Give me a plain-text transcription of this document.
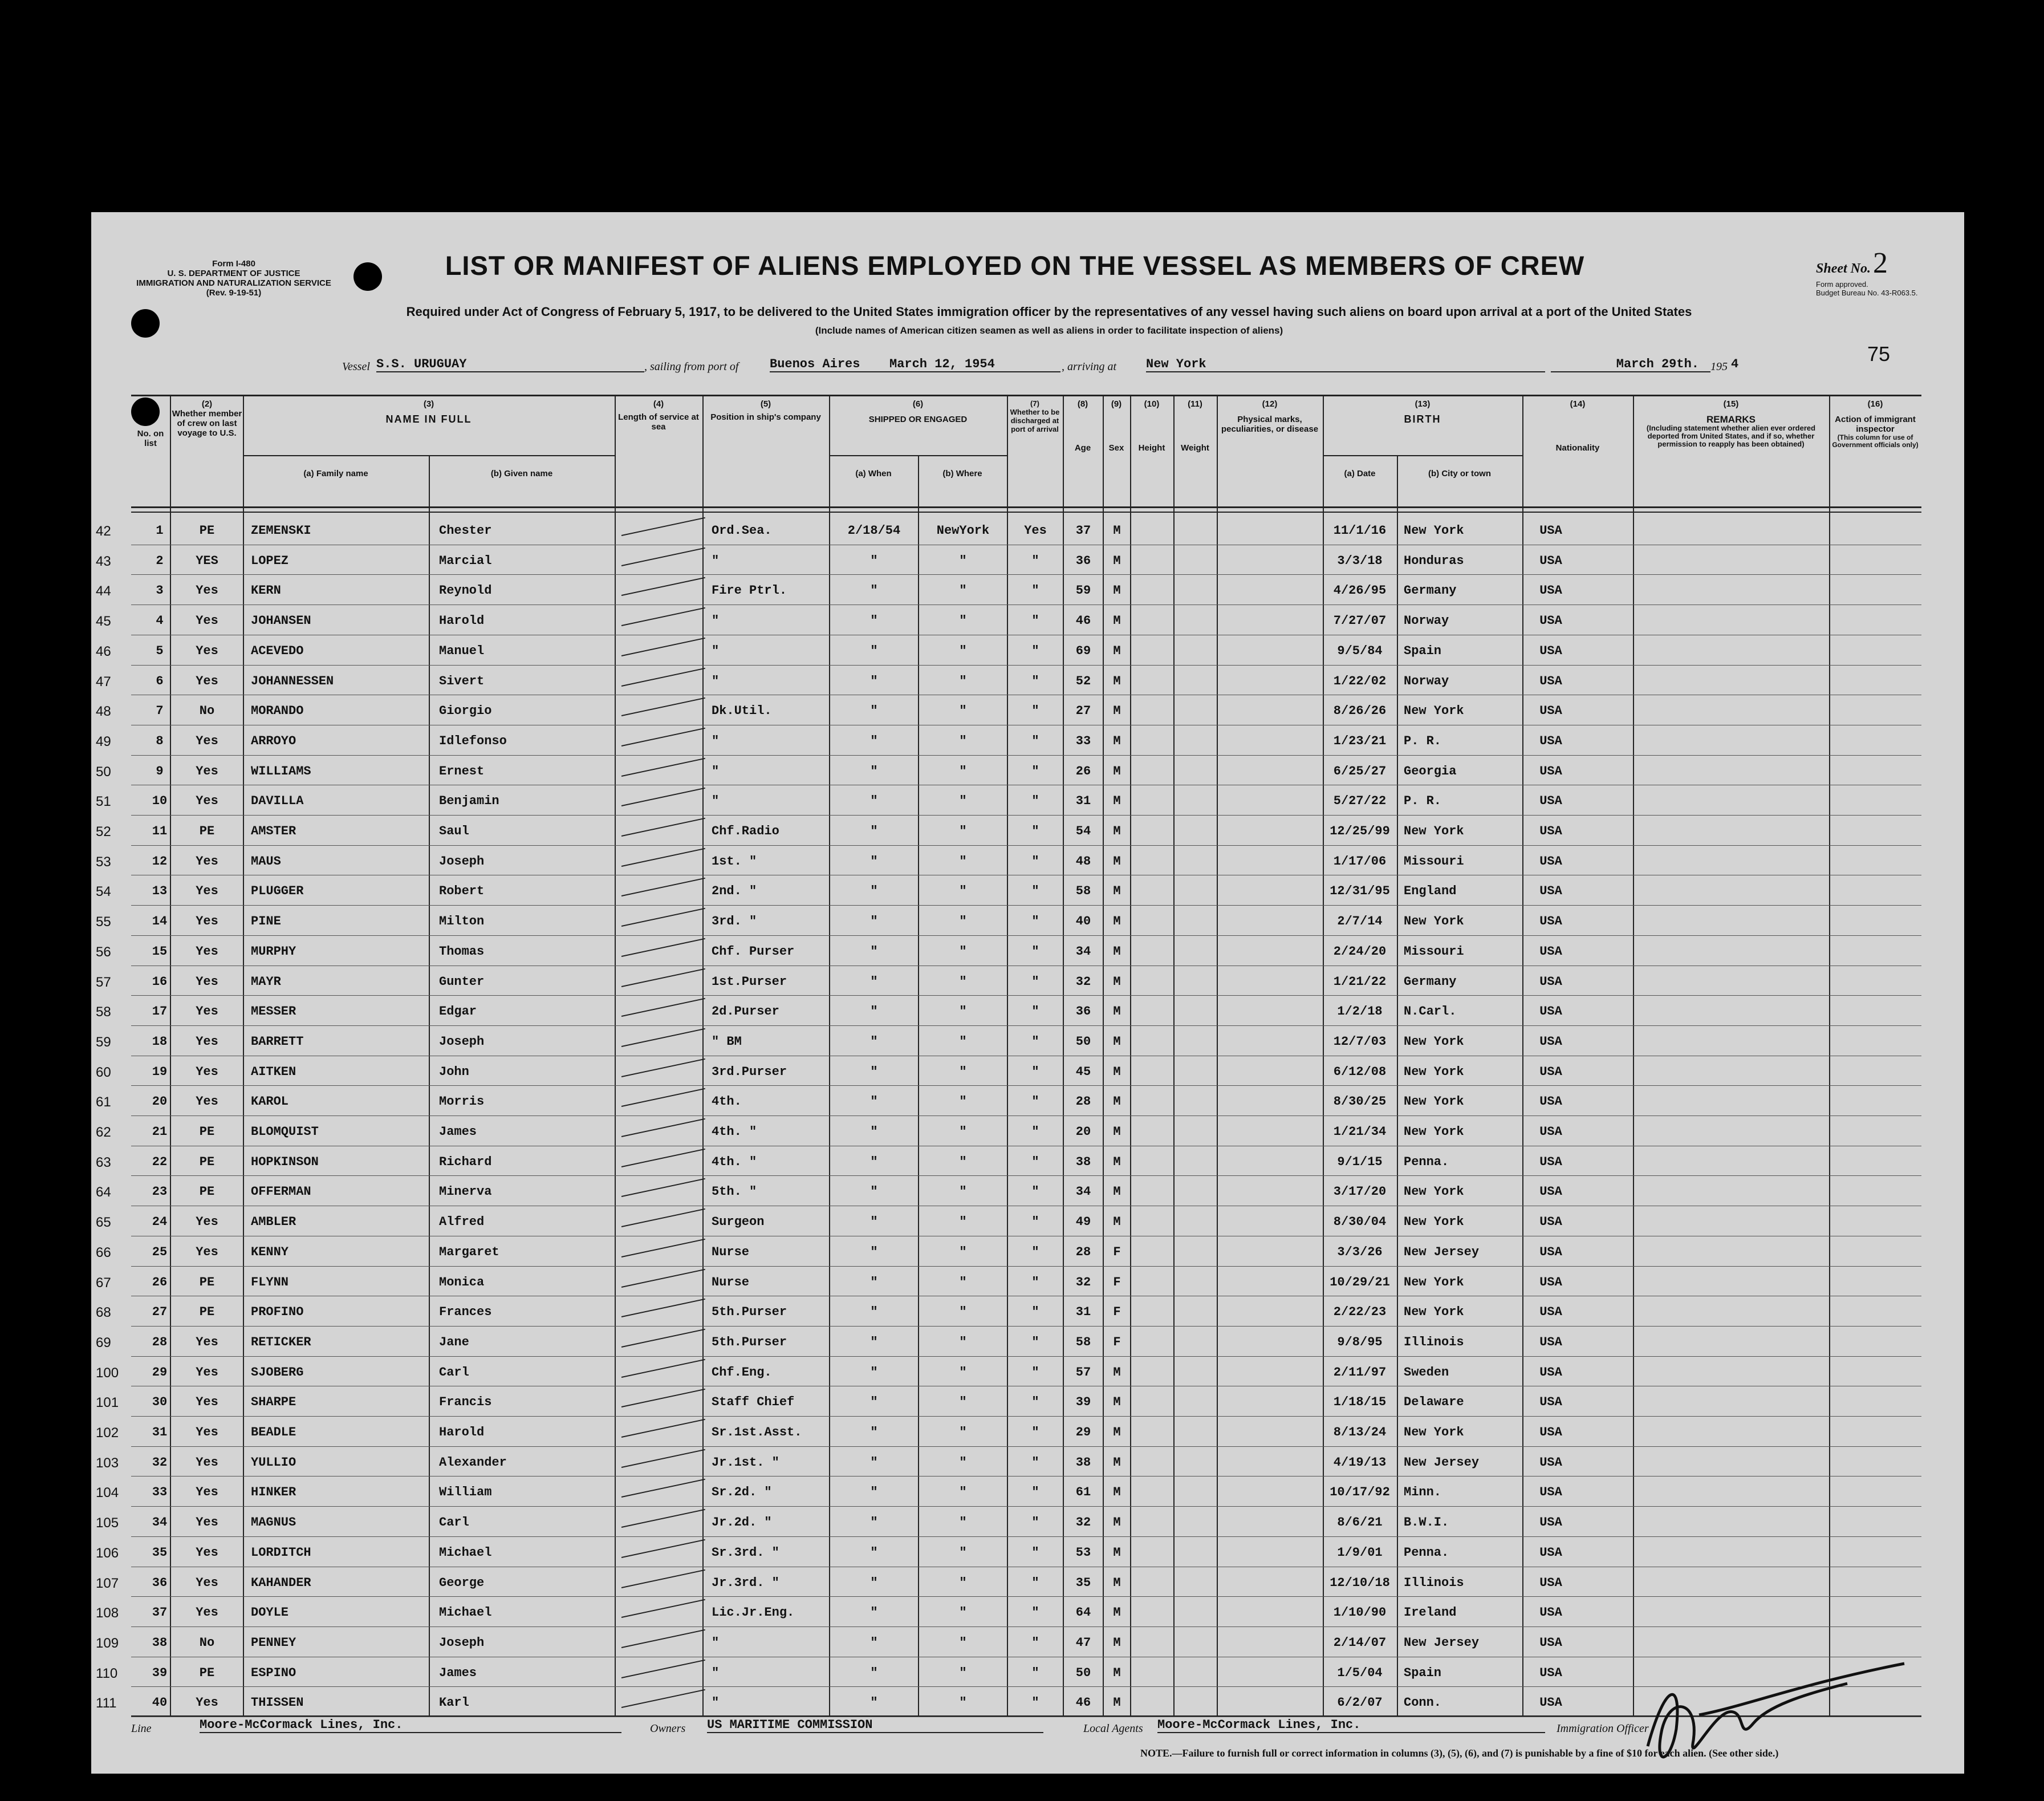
Form I-480
U. S. DEPARTMENT OF JUSTICE
IMMIGRATION AND NATURALIZATION SERVICE
(Rev. 9-19-51)
LIST OR MANIFEST OF ALIENS EMPLOYED ON THE VESSEL AS MEMBERS OF CREW	Sheet No. 2
Form approved.
Budget Bureau No. 43-R063.5.
Required under Act of Congress of February 5, 1917, to be delivered to the United States immigration officer by the representatives of any vessel having such aliens on board upon arrival at a port of the United States
(Include names of American citizen seamen as well as aliens in order to facilitate inspection of aliens)
Vessel S.S. URUGUAY	, sailing from port of Buenos Aires	March 12, 1954	, arriving at New York	March 29th.	195 4	75
No. on list
(2)
Whether member of crew on last voyage to U.S.
(3)
NAME IN FULL
(a) Family name	(b) Given name
(4)
Length of service at sea
(5)
Position in ship's company
(6)
SHIPPED OR ENGAGED
(a) When	(b) Where
(7)
Whether to be discharged at port of arrival
(8)
Age
(9)
Sex
(10)
Height
(11)
Weight
(12)
Physical marks, peculiarities, or disease
(13)
BIRTH
(a) Date	(b) City or town
(14)
Nationality
(15)
REMARKS
(Including statement whether alien ever ordered deported from United States, and if so, whether permission to reapply has been obtained)
(16)
Action of immigrant inspector
(This column for use of Government officials only)
42	1	PE	ZEMENSKI	Chester	Ord.Sea.	2/18/54	NewYork	Yes	37	M	11/1/16	New York	USA
43	2	YES	LOPEZ	Marcial	"	"	"	"	36	M	3/3/18	Honduras	USA
44	3	Yes	KERN	Reynold	Fire Ptrl.	"	"	"	59	M	4/26/95	Germany	USA
45	4	Yes	JOHANSEN	Harold	"	"	"	"	46	M	7/27/07	Norway	USA
46	5	Yes	ACEVEDO	Manuel	"	"	"	"	69	M	9/5/84	Spain	USA
47	6	Yes	JOHANNESSEN	Sivert	"	"	"	"	52	M	1/22/02	Norway	USA
48	7	No	MORANDO	Giorgio	Dk.Util.	"	"	"	27	M	8/26/26	New York	USA
49	8	Yes	ARROYO	Idlefonso	"	"	"	"	33	M	1/23/21	P. R.	USA
50	9	Yes	WILLIAMS	Ernest	"	"	"	"	26	M	6/25/27	Georgia	USA
51	10	Yes	DAVILLA	Benjamin	"	"	"	"	31	M	5/27/22	P. R.	USA
52	11	PE	AMSTER	Saul	Chf.Radio	"	"	"	54	M	12/25/99	New York	USA
53	12	Yes	MAUS	Joseph	1st. "	"	"	"	48	M	1/17/06	Missouri	USA
54	13	Yes	PLUGGER	Robert	2nd. "	"	"	"	58	M	12/31/95	England	USA
55	14	Yes	PINE	Milton	3rd. "	"	"	"	40	M	2/7/14	New York	USA
56	15	Yes	MURPHY	Thomas	Chf. Purser	"	"	"	34	M	2/24/20	Missouri	USA
57	16	Yes	MAYR	Gunter	1st.Purser	"	"	"	32	M	1/21/22	Germany	USA
58	17	Yes	MESSER	Edgar	2d.Purser	"	"	"	36	M	1/2/18	N.Carl.	USA
59	18	Yes	BARRETT	Joseph	" BM	"	"	"	50	M	12/7/03	New York	USA
60	19	Yes	AITKEN	John	3rd.Purser	"	"	"	45	M	6/12/08	New York	USA
61	20	Yes	KAROL	Morris	4th.	"	"	"	28	M	8/30/25	New York	USA
62	21	PE	BLOMQUIST	James	4th. "	"	"	"	20	M	1/21/34	New York	USA
63	22	PE	HOPKINSON	Richard	4th. "	"	"	"	38	M	9/1/15	Penna.	USA
64	23	PE	OFFERMAN	Minerva	5th. "	"	"	"	34	M	3/17/20	New York	USA
65	24	Yes	AMBLER	Alfred	Surgeon	"	"	"	49	M	8/30/04	New York	USA
66	25	Yes	KENNY	Margaret	Nurse	"	"	"	28	F	3/3/26	New Jersey	USA
67	26	PE	FLYNN	Monica	Nurse	"	"	"	32	F	10/29/21	New York	USA
68	27	PE	PROFINO	Frances	5th.Purser	"	"	"	31	F	2/22/23	New York	USA
69	28	Yes	RETICKER	Jane	5th.Purser	"	"	"	58	F	9/8/95	Illinois	USA
100	29	Yes	SJOBERG	Carl	Chf.Eng.	"	"	"	57	M	2/11/97	Sweden	USA
101	30	Yes	SHARPE	Francis	Staff Chief	"	"	"	39	M	1/18/15	Delaware	USA
102	31	Yes	BEADLE	Harold	Sr.1st.Asst.	"	"	"	29	M	8/13/24	New York	USA
103	32	Yes	YULLIO	Alexander	Jr.1st. "	"	"	"	38	M	4/19/13	New Jersey	USA
104	33	Yes	HINKER	William	Sr.2d. "	"	"	"	61	M	10/17/92	Minn.	USA
105	34	Yes	MAGNUS	Carl	Jr.2d. "	"	"	"	32	M	8/6/21	B.W.I.	USA
106	35	Yes	LORDITCH	Michael	Sr.3rd. "	"	"	"	53	M	1/9/01	Penna.	USA
107	36	Yes	KAHANDER	George	Jr.3rd. "	"	"	"	35	M	12/10/18	Illinois	USA
108	37	Yes	DOYLE	Michael	Lic.Jr.Eng.	"	"	"	64	M	1/10/90	Ireland	USA
109	38	No	PENNEY	Joseph	"	"	"	"	47	M	2/14/07	New Jersey	USA
110	39	PE	ESPINO	James	"	"	"	"	50	M	1/5/04	Spain	USA
111	40	Yes	THISSEN	Karl	"	"	"	"	46	M	6/2/07	Conn.	USA
Line	Moore-McCormack Lines, Inc.	Owners US MARITIME COMMISSION	Local Agents Moore-McCormack Lines, Inc.	Immigration Officer
NOTE.—Failure to furnish full or correct information in columns (3), (5), (6), and (7) is punishable by a fine of $10 for each alien. (See other side.)
